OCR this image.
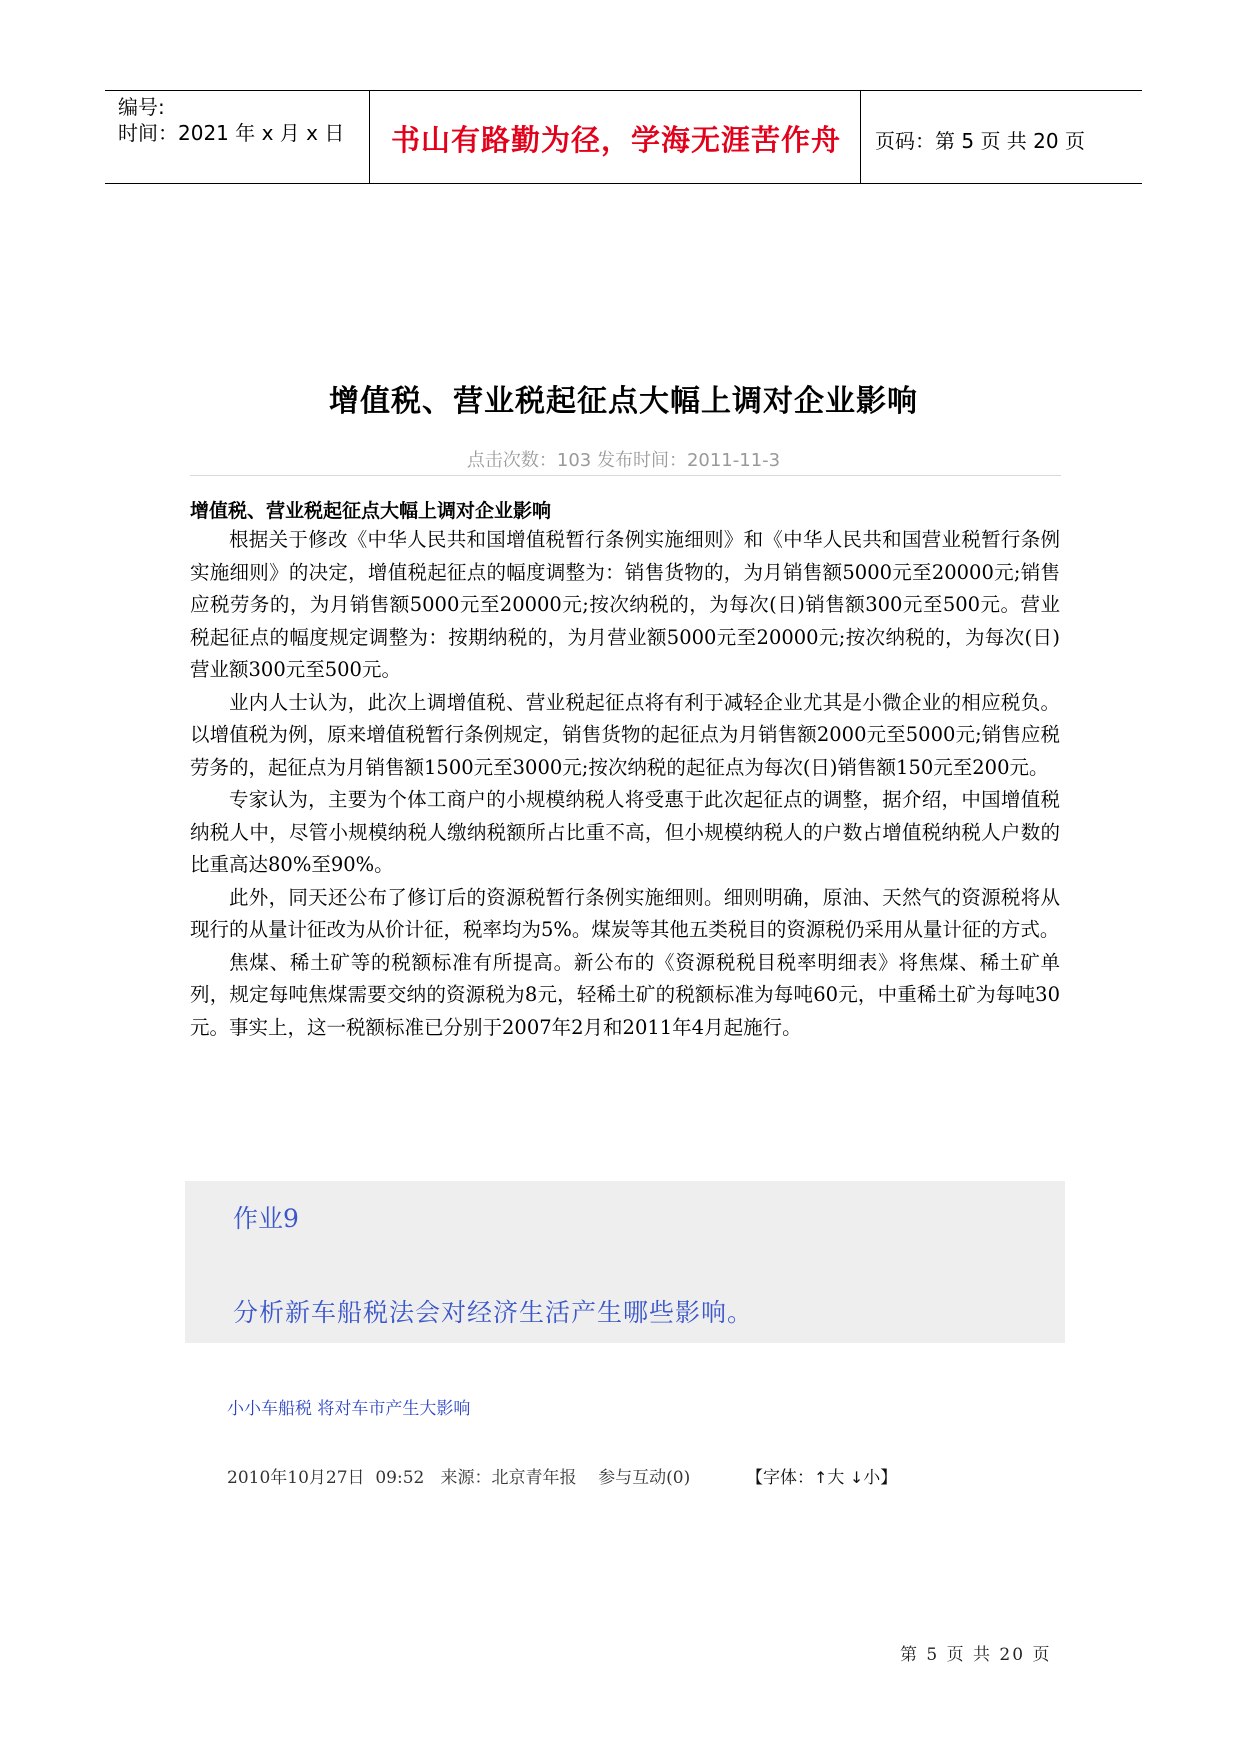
编号:
时间：2021 年 x 月 x 日	书山有路勤为径，学海无涯苦作舟	页码：第 5 页 共 20 页
增值税、营业税起征点大幅上调对企业影响
点击次数：103 发布时间：2011-11-3
增值税、营业税起征点大幅上调对企业影响

根据关于修改《中华人民共和国增值税暂行条例实施细则》和《中华人民共和国营业税暂行条例实施细则》的决定，增值税起征点的幅度调整为：销售货物的，为月销售额5000元至20000元;销售应税劳务的，为月销售额5000元至20000元;按次纳税的，为每次(日)销售额300元至500元。营业税起征点的幅度规定调整为：按期纳税的，为月营业额5000元至20000元;按次纳税的，为每次(日)营业额300元至500元。

业内人士认为，此次上调增值税、营业税起征点将有利于减轻企业尤其是小微企业的相应税负。以增值税为例，原来增值税暂行条例规定，销售货物的起征点为月销售额2000元至5000元;销售应税劳务的，起征点为月销售额1500元至3000元;按次纳税的起征点为每次(日)销售额150元至200元。

专家认为，主要为个体工商户的小规模纳税人将受惠于此次起征点的调整，据介绍，中国增值税纳税人中，尽管小规模纳税人缴纳税额所占比重不高，但小规模纳税人的户数占增值税纳税人户数的比重高达80%至90%。

此外，同天还公布了修订后的资源税暂行条例实施细则。细则明确，原油、天然气的资源税将从现行的从量计征改为从价计征，税率均为5%。煤炭等其他五类税目的资源税仍采用从量计征的方式。

焦煤、稀土矿等的税额标准有所提高。新公布的《资源税税目税率明细表》将焦煤、稀土矿单列，规定每吨焦煤需要交纳的资源税为8元，轻稀土矿的税额标准为每吨60元，中重稀土矿为每吨30元。事实上，这一税额标准已分别于2007年2月和2011年4月起施行。

作业9
分析新车船税法会对经济生活产生哪些影响。
小小车船税 将对车市产生大影响
2010年10月27日  09:52   来源：北京青年报    参与互动(0)	【字体：↑大 ↓小】
第 5 页 共 20 页
